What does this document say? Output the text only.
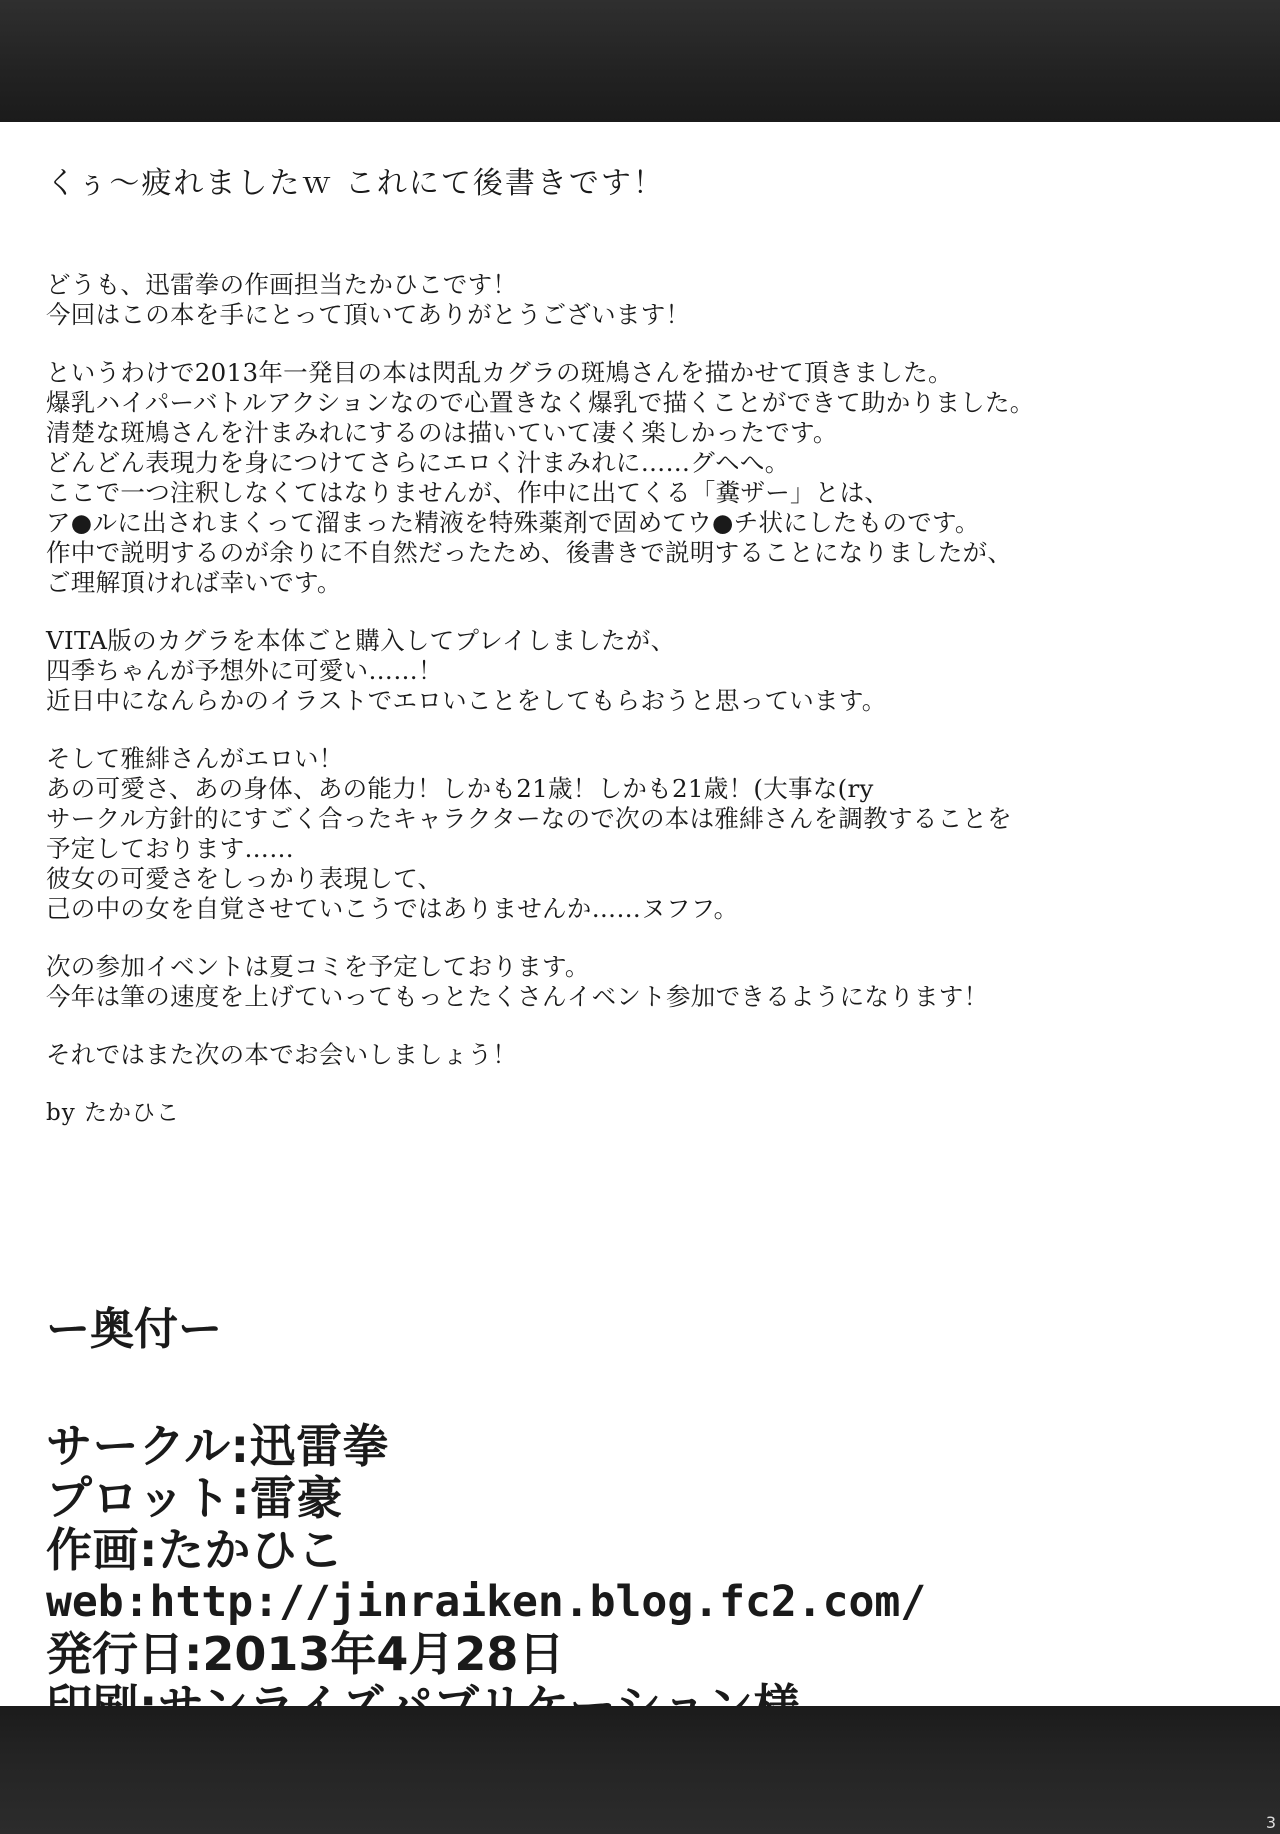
くぅ〜疲れましたｗ これにて後書きです！
どうも、迅雷拳の作画担当たかひこです！
今回はこの本を手にとって頂いてありがとうございます！
というわけで2013年一発目の本は閃乱カグラの斑鳩さんを描かせて頂きました。
爆乳ハイパーバトルアクションなので心置きなく爆乳で描くことができて助かりました。
清楚な斑鳩さんを汁まみれにするのは描いていて凄く楽しかったです。
どんどん表現力を身につけてさらにエロく汁まみれに……グヘへ。
ここで一つ注釈しなくてはなりませんが、作中に出てくる「糞ザー」とは、
ア●ルに出されまくって溜まった精液を特殊薬剤で固めてウ●チ状にしたものです。
作中で説明するのが余りに不自然だったため、後書きで説明することになりましたが、
ご理解頂ければ幸いです。
VITA版のカグラを本体ごと購入してプレイしましたが、
四季ちゃんが予想外に可愛い……！
近日中になんらかのイラストでエロいことをしてもらおうと思っています。
そして雅緋さんがエロい！
あの可愛さ、あの身体、あの能力！しかも21歳！しかも21歳！(大事な(ry
サークル方針的にすごく合ったキャラクターなので次の本は雅緋さんを調教することを
予定しております……
彼女の可愛さをしっかり表現して、
己の中の女を自覚させていこうではありませんか……ヌフフ。
次の参加イベントは夏コミを予定しております。
今年は筆の速度を上げていってもっとたくさんイベント参加できるようになります！
それではまた次の本でお会いしましょう！
by たかひこ
ー奥付ー
サークル:迅雷拳
プロット:雷豪
作画:たかひこ
web:http://jinraiken.blog.fc2.com/
発行日:2013年4月28日
3
